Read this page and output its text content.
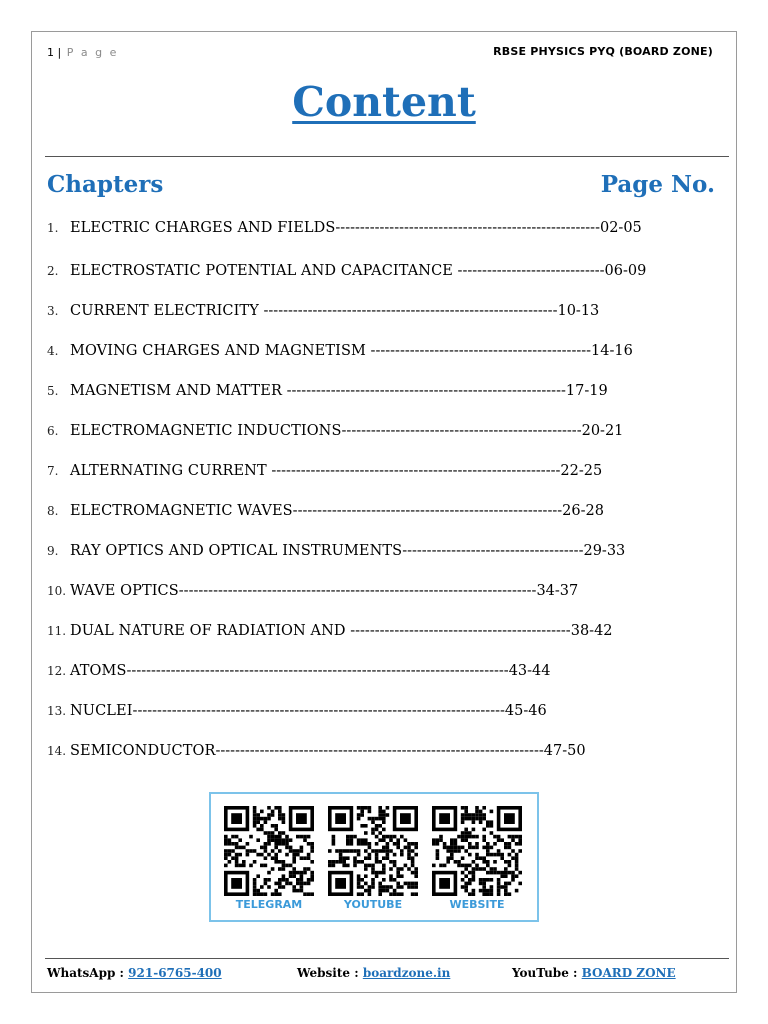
1 | P a g e	RBSE PHYSICS PYQ (BOARD ZONE)
Content
Chapters	Page No.
1. ELECTRIC CHARGES AND FIELDS------------------------------------------------------02-05
2. ELECTROSTATIC POTENTIAL AND CAPACITANCE ------------------------------06-09
3. CURRENT ELECTRICITY ------------------------------------------------------------10-13
4. MOVING CHARGES AND MAGNETISM ---------------------------------------------14-16
5. MAGNETISM AND MATTER ---------------------------------------------------------17-19
6. ELECTROMAGNETIC INDUCTIONS-------------------------------------------------20-21
7. ALTERNATING CURRENT -----------------------------------------------------------22-25
8. ELECTROMAGNETIC WAVES-------------------------------------------------------26-28
9. RAY OPTICS AND OPTICAL INSTRUMENTS-------------------------------------29-33
10. WAVE OPTICS-------------------------------------------------------------------------34-37
11. DUAL NATURE OF RADIATION AND ---------------------------------------------38-42
12. ATOMS------------------------------------------------------------------------------43-44
13. NUCLEI----------------------------------------------------------------------------45-46
14. SEMICONDUCTOR-------------------------------------------------------------------47-50
TELEGRAM	YOUTUBE	WEBSITE
WhatsApp : 921-6765-400	Website : boardzone.in	YouTube : BOARD ZONE
